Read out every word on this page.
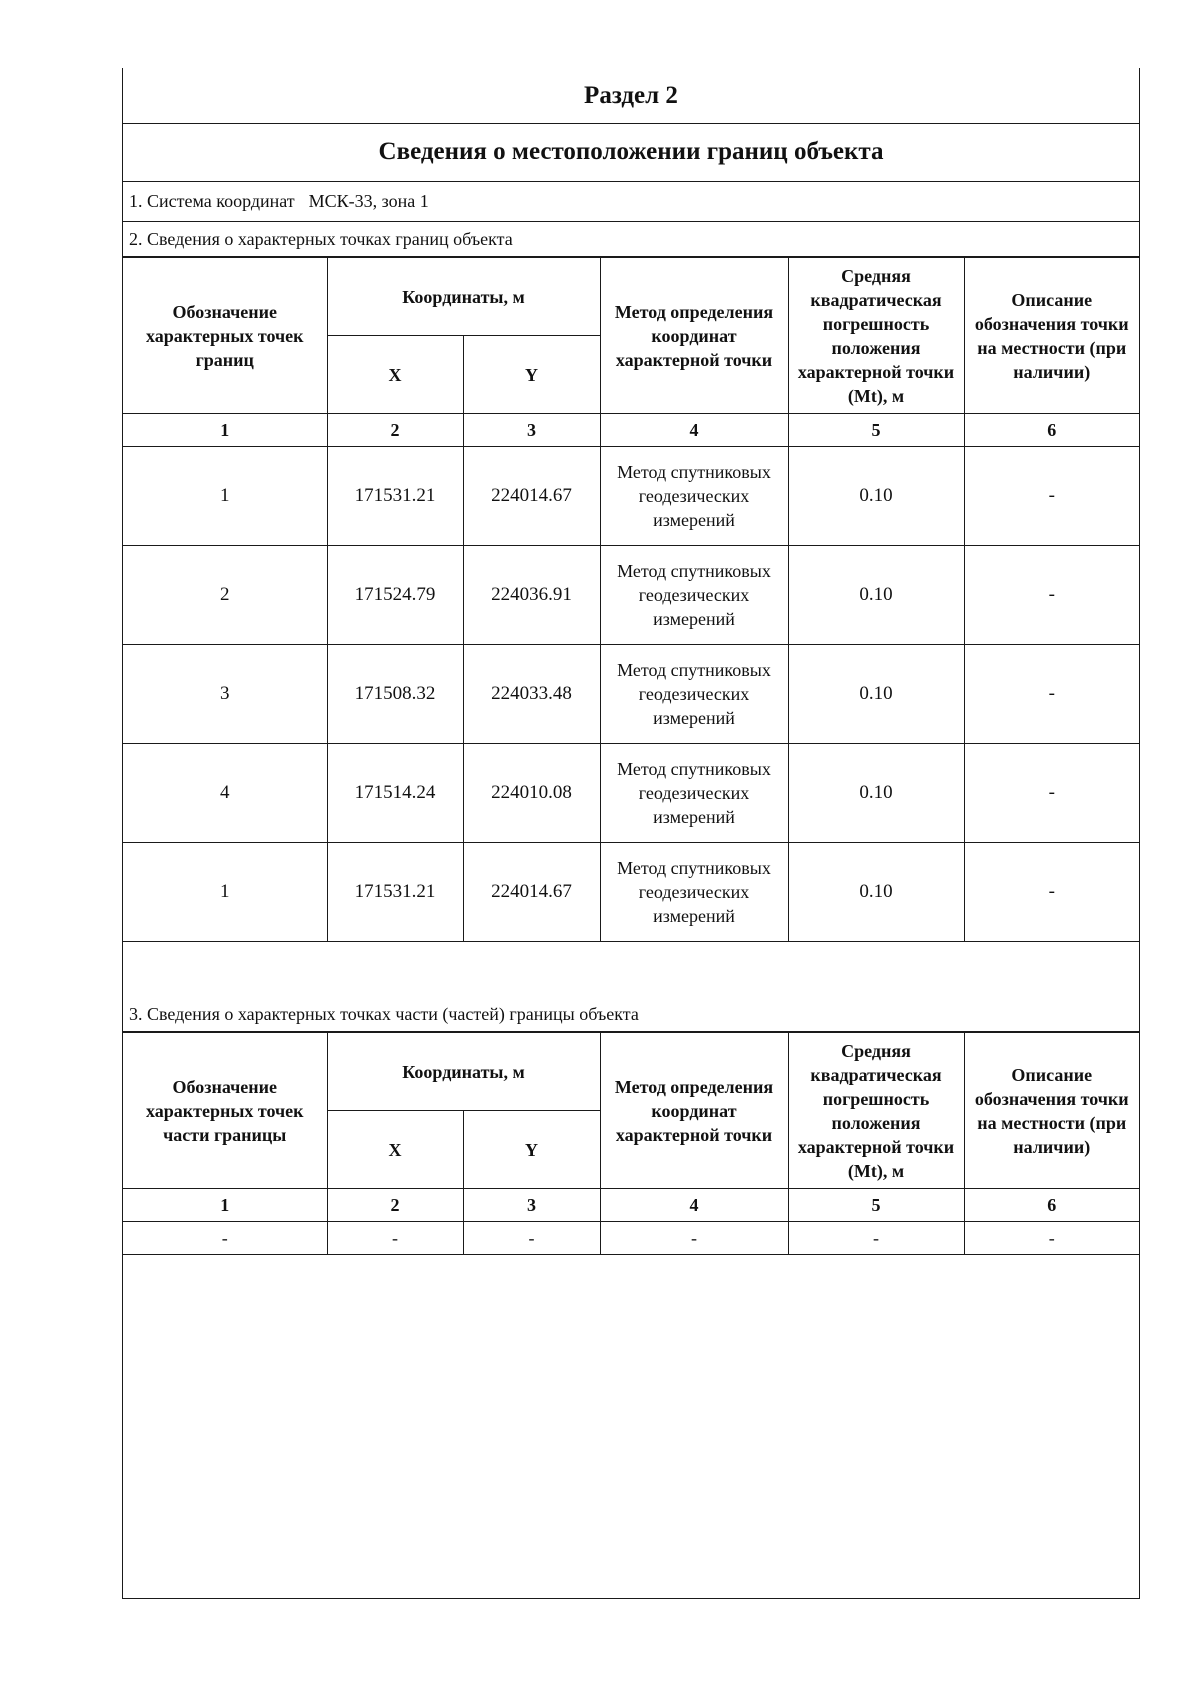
Раздел 2
Сведения о местоположении границ объекта
1. Система координат МСК-33, зона 1
2. Сведения о характерных точках границ объекта
Обозначение характерных точек границ	Координаты, м		Метод определения координат характерной точки	Средняя квадратическая погрешность положения характерной точки (Mt), м	Описание обозначения точки на местности (при наличии)
	X	Y			
1	2	3	4	5	6
1	171531.21	224014.67	Метод спутниковых геодезических измерений	0.10	-
2	171524.79	224036.91	Метод спутниковых геодезических измерений	0.10	-
3	171508.32	224033.48	Метод спутниковых геодезических измерений	0.10	-
4	171514.24	224010.08	Метод спутниковых геодезических измерений	0.10	-
1	171531.21	224014.67	Метод спутниковых геодезических измерений	0.10	-
3. Сведения о характерных точках части (частей) границы объекта
Обозначение характерных точек части границы	Координаты, м		Метод определения координат характерной точки	Средняя квадратическая погрешность положения характерной точки (Mt), м	Описание обозначения точки на местности (при наличии)
	X	Y			
1	2	3	4	5	6
-	-	-	-	-	-
